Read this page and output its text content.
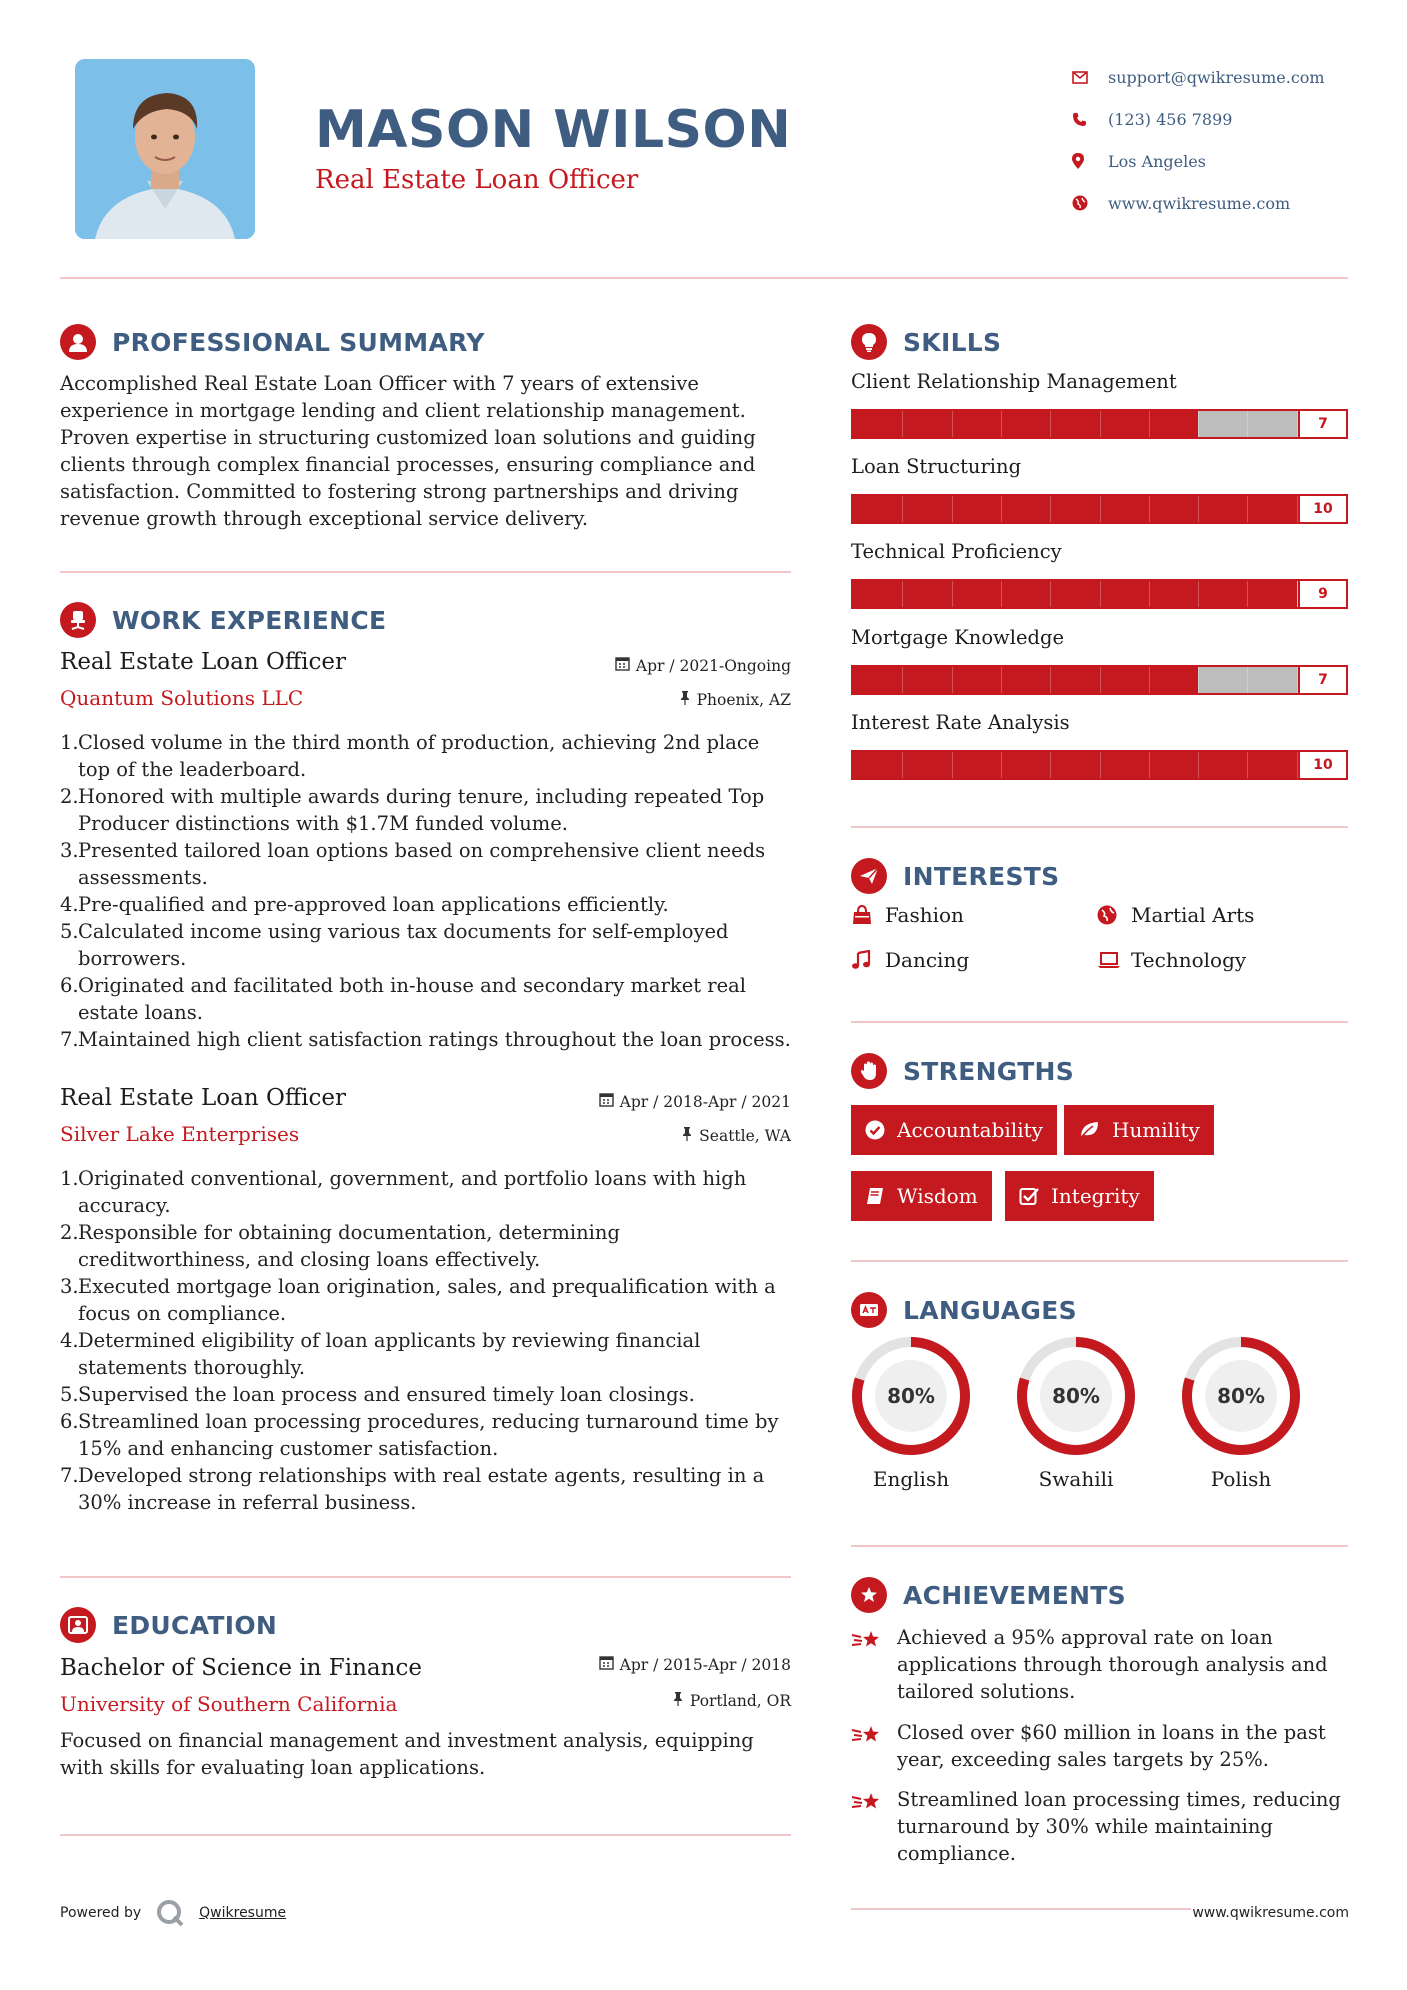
MASON WILSON
Real Estate Loan Officer
support@qwikresume.com
(123) 456 7899
Los Angeles
www.qwikresume.com
PROFESSIONAL SUMMARY
Accomplished Real Estate Loan Officer with 7 years of extensive experience in mortgage lending and client relationship management. Proven expertise in structuring customized loan solutions and guiding clients through complex financial processes, ensuring compliance and satisfaction. Committed to fostering strong partnerships and driving revenue growth through exceptional service delivery.
WORK EXPERIENCE
Real Estate Loan Officer
Quantum Solutions LLC
Apr / 2021-Ongoing
Phoenix, AZ
1. Closed volume in the third month of production, achieving 2nd place top of the leaderboard.
2. Honored with multiple awards during tenure, including repeated Top Producer distinctions with $1.7M funded volume.
3. Presented tailored loan options based on comprehensive client needs assessments.
4. Pre-qualified and pre-approved loan applications efficiently.
5. Calculated income using various tax documents for self-employed borrowers.
6. Originated and facilitated both in-house and secondary market real estate loans.
7. Maintained high client satisfaction ratings throughout the loan process.
Real Estate Loan Officer
Silver Lake Enterprises
Apr / 2018-Apr / 2021
Seattle, WA
1. Originated conventional, government, and portfolio loans with high accuracy.
2. Responsible for obtaining documentation, determining creditworthiness, and closing loans effectively.
3. Executed mortgage loan origination, sales, and prequalification with a focus on compliance.
4. Determined eligibility of loan applicants by reviewing financial statements thoroughly.
5. Supervised the loan process and ensured timely loan closings.
6. Streamlined loan processing procedures, reducing turnaround time by 15% and enhancing customer satisfaction.
7. Developed strong relationships with real estate agents, resulting in a 30% increase in referral business.
EDUCATION
Bachelor of Science in Finance
University of Southern California
Apr / 2015-Apr / 2018
Portland, OR
Focused on financial management and investment analysis, equipping with skills for evaluating loan applications.
SKILLS
Client Relationship Management
7
Loan Structuring
10
Technical Proficiency
9
Mortgage Knowledge
7
Interest Rate Analysis
10
INTERESTS
Fashion	Martial Arts
Dancing	Technology
STRENGTHS
Accountability	Humility
Wisdom	Integrity
LANGUAGES
80%
English
80%
Swahili
80%
Polish
ACHIEVEMENTS
Achieved a 95% approval rate on loan applications through thorough analysis and tailored solutions.
Closed over $60 million in loans in the past year, exceeding sales targets by 25%.
Streamlined loan processing times, reducing turnaround by 30% while maintaining compliance.
Powered by	Qwikresume	www.qwikresume.com
